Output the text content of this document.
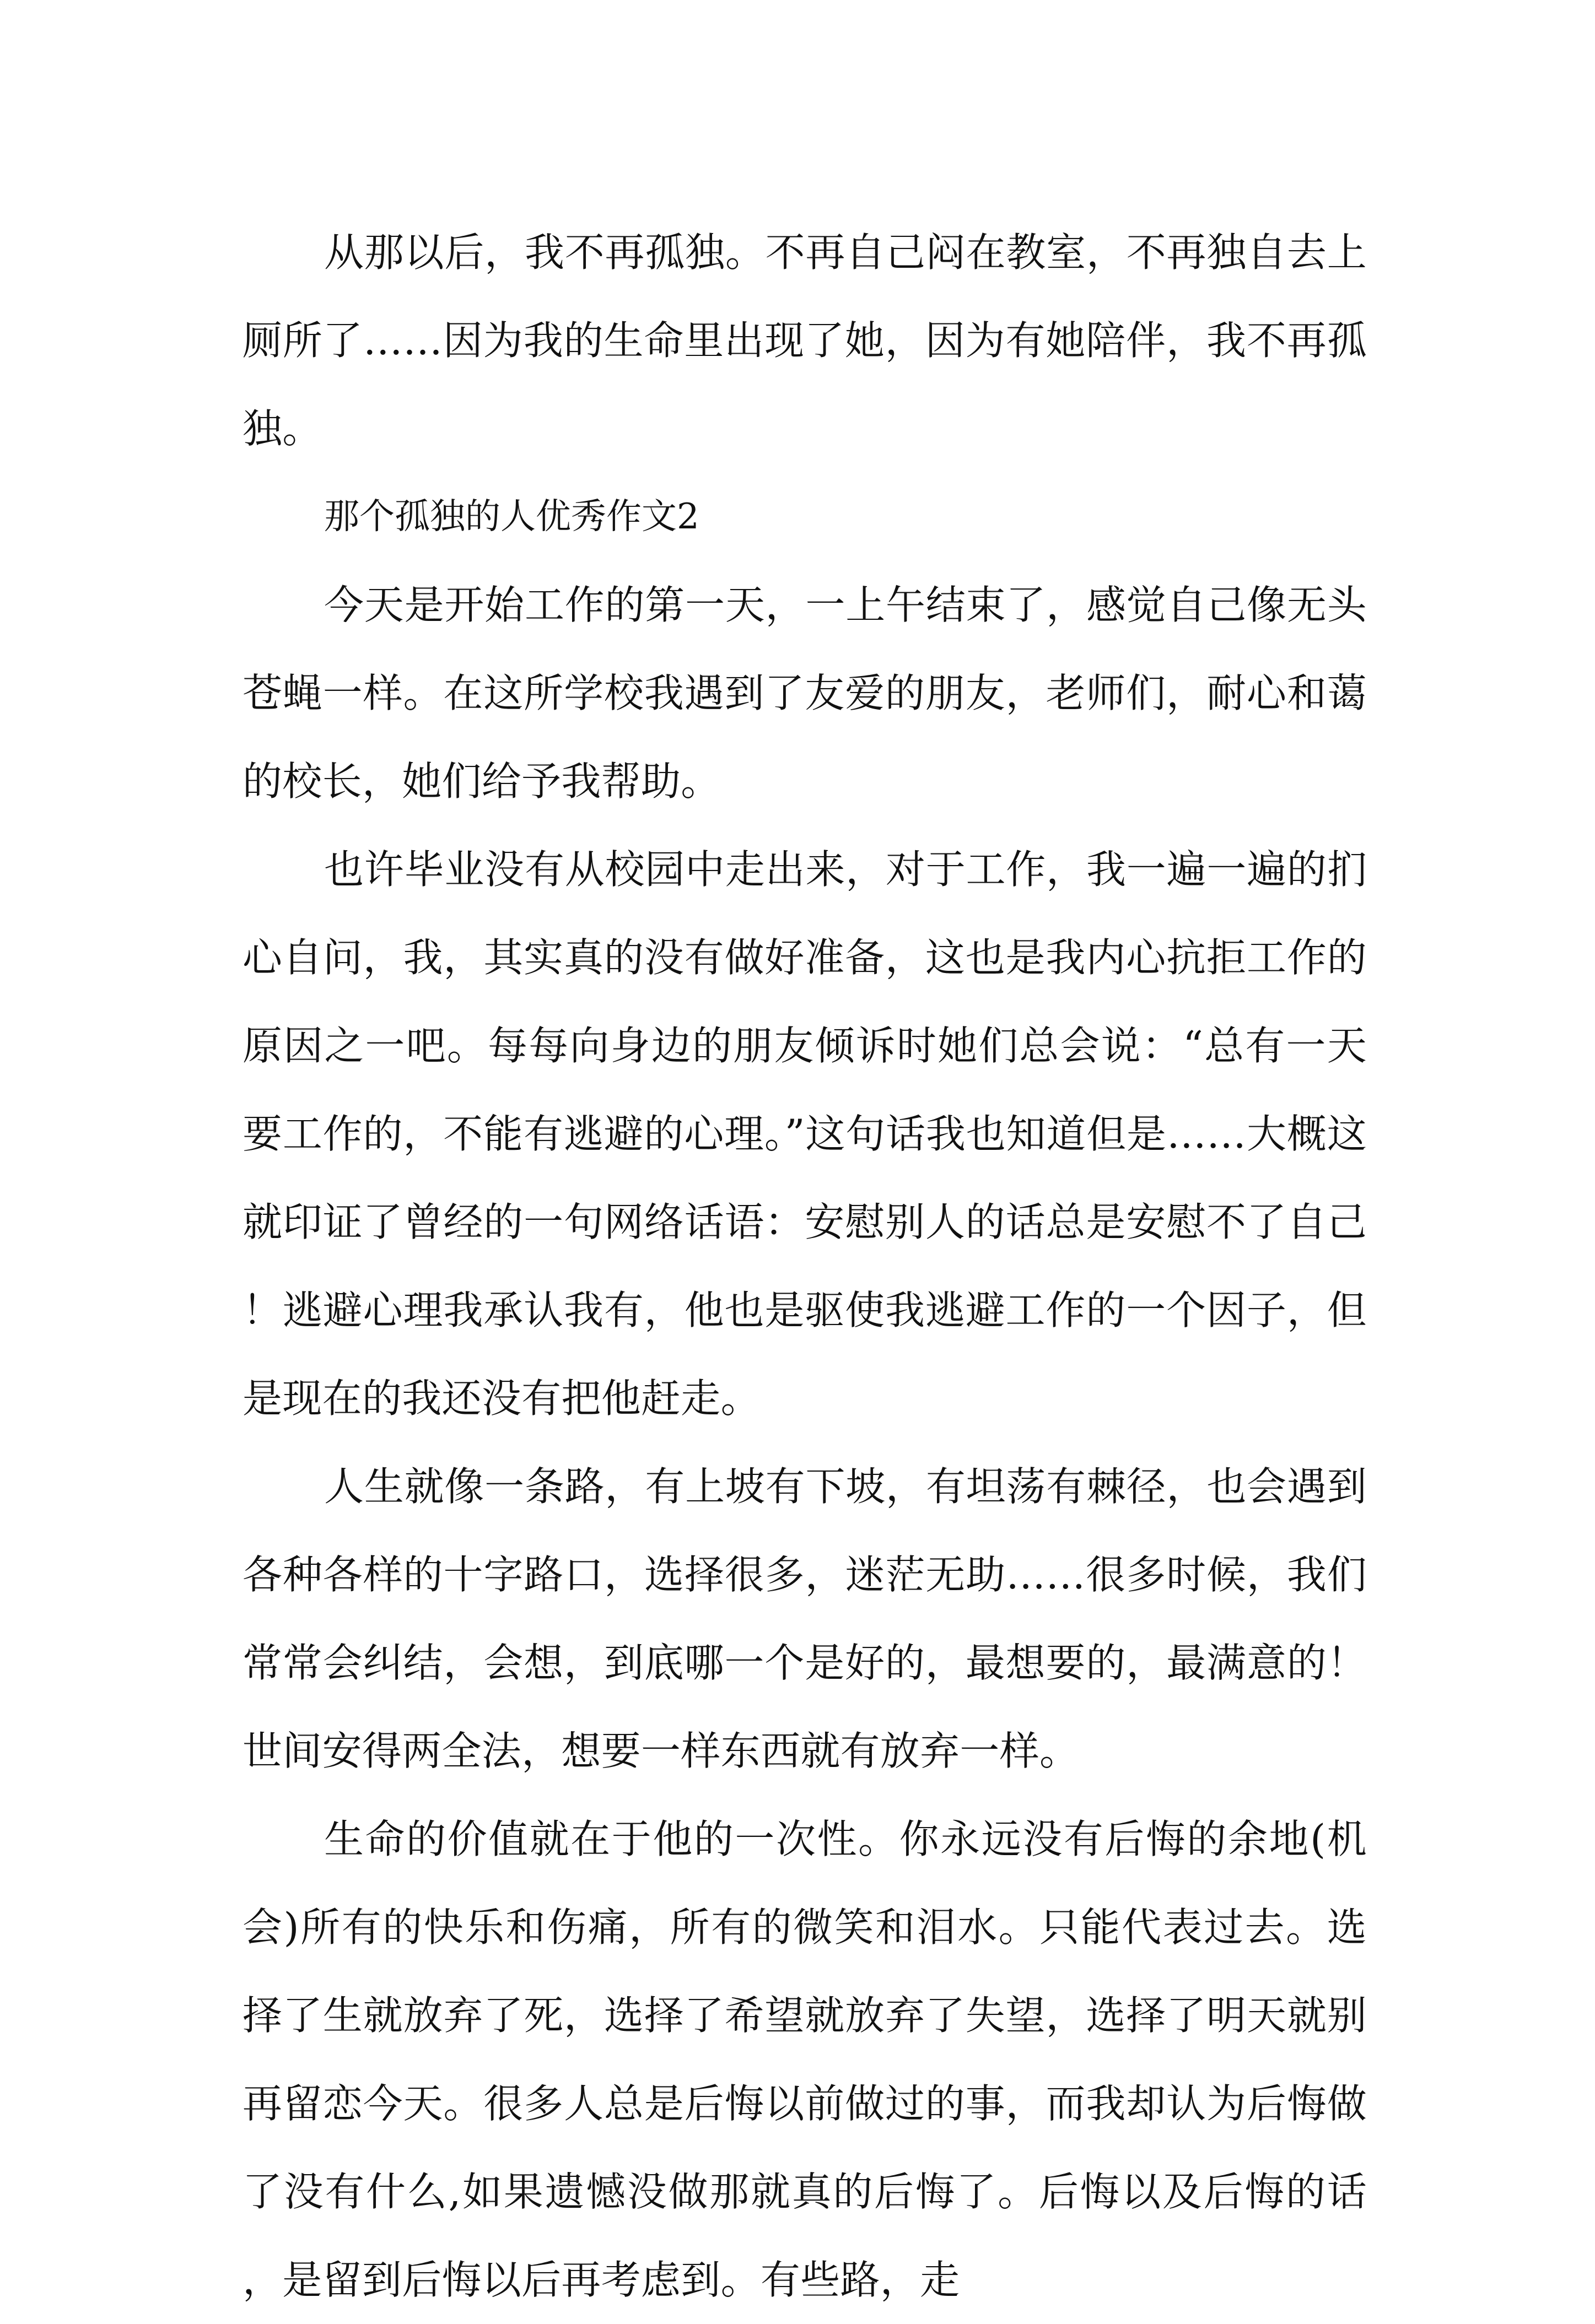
从那以后，我不再孤独。不再自己闷在教室，不再独自去上厕所了……因为我的生命里出现了她，因为有她陪伴，我不再孤独。

那个孤独的人优秀作文2

今天是开始工作的第一天，一上午结束了，感觉自己像无头苍蝇一样。在这所学校我遇到了友爱的朋友，老师们，耐心和蔼的校长，她们给予我帮助。

也许毕业没有从校园中走出来，对于工作，我一遍一遍的扪心自问，我，其实真的没有做好准备，这也是我内心抗拒工作的原因之一吧。每每向身边的朋友倾诉时她们总会说：“总有一天要工作的，不能有逃避的心理。”这句话我也知道但是……大概这就印证了曾经的一句网络话语：安慰别人的话总是安慰不了自己！逃避心理我承认我有，他也是驱使我逃避工作的一个因子，但是现在的我还没有把他赶走。

人生就像一条路，有上坡有下坡，有坦荡有棘径，也会遇到各种各样的十字路口，选择很多，迷茫无助……很多时候，我们常常会纠结，会想，到底哪一个是好的，最想要的，最满意的！世间安得两全法，想要一样东西就有放弃一样。

生命的价值就在于他的一次性。你永远没有后悔的余地(机会)所有的快乐和伤痛，所有的微笑和泪水。只能代表过去。选择了生就放弃了死，选择了希望就放弃了失望，选择了明天就别再留恋今天。很多人总是后悔以前做过的事，而我却认为后悔做了没有什么,如果遗憾没做那就真的后悔了。后悔以及后悔的话，是留到后悔以后再考虑到。有些路，走
